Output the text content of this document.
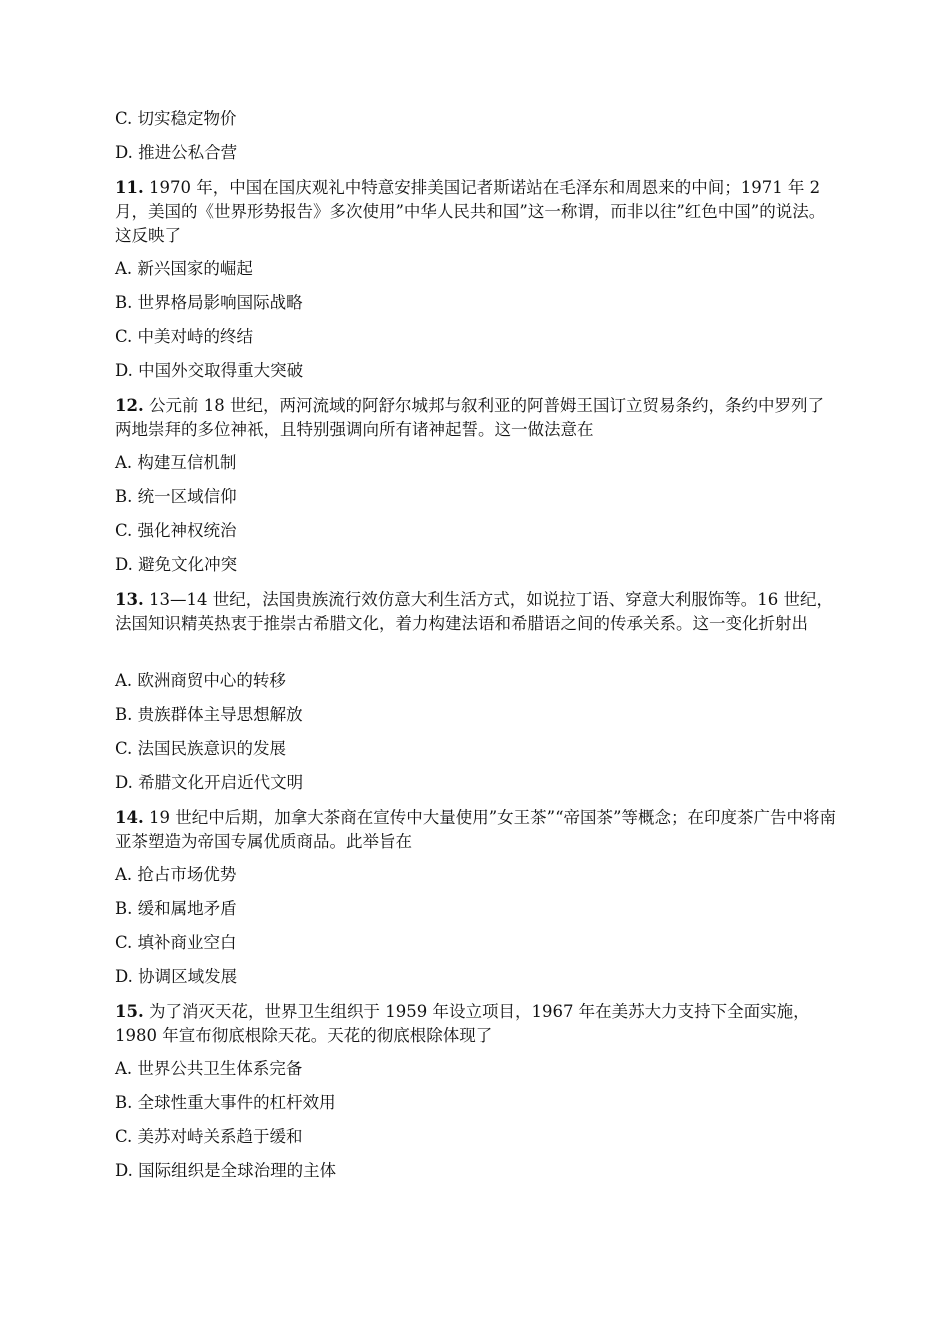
C. 切实稳定物价
D. 推进公私合营
11. 1970 年，中国在国庆观礼中特意安排美国记者斯诺站在毛泽东和周恩来的中间；1971 年 2 月，美国的《世界形势报告》多次使用”中华人民共和国”这一称谓，而非以往”红色中国”的说法。这反映了
A. 新兴国家的崛起
B. 世界格局影响国际战略
C. 中美对峙的终结
D. 中国外交取得重大突破
12. 公元前 18 世纪，两河流域的阿舒尔城邦与叙利亚的阿普姆王国订立贸易条约，条约中罗列了两地崇拜的多位神祇，且特别强调向所有诸神起誓。这一做法意在
A. 构建互信机制
B. 统一区域信仰
C. 强化神权统治
D. 避免文化冲突
13. 13—14 世纪，法国贵族流行效仿意大利生活方式，如说拉丁语、穿意大利服饰等。16 世纪，法国知识精英热衷于推崇古希腊文化，着力构建法语和希腊语之间的传承关系。这一变化折射出
A. 欧洲商贸中心的转移
B. 贵族群体主导思想解放
C. 法国民族意识的发展
D. 希腊文化开启近代文明
14. 19 世纪中后期，加拿大茶商在宣传中大量使用”女王茶”“帝国茶”等概念；在印度茶广告中将南亚茶塑造为帝国专属优质商品。此举旨在
A. 抢占市场优势
B. 缓和属地矛盾
C. 填补商业空白
D. 协调区域发展
15. 为了消灭天花，世界卫生组织于 1959 年设立项目，1967 年在美苏大力支持下全面实施，1980 年宣布彻底根除天花。天花的彻底根除体现了
A. 世界公共卫生体系完备
B. 全球性重大事件的杠杆效用
C. 美苏对峙关系趋于缓和
D. 国际组织是全球治理的主体
